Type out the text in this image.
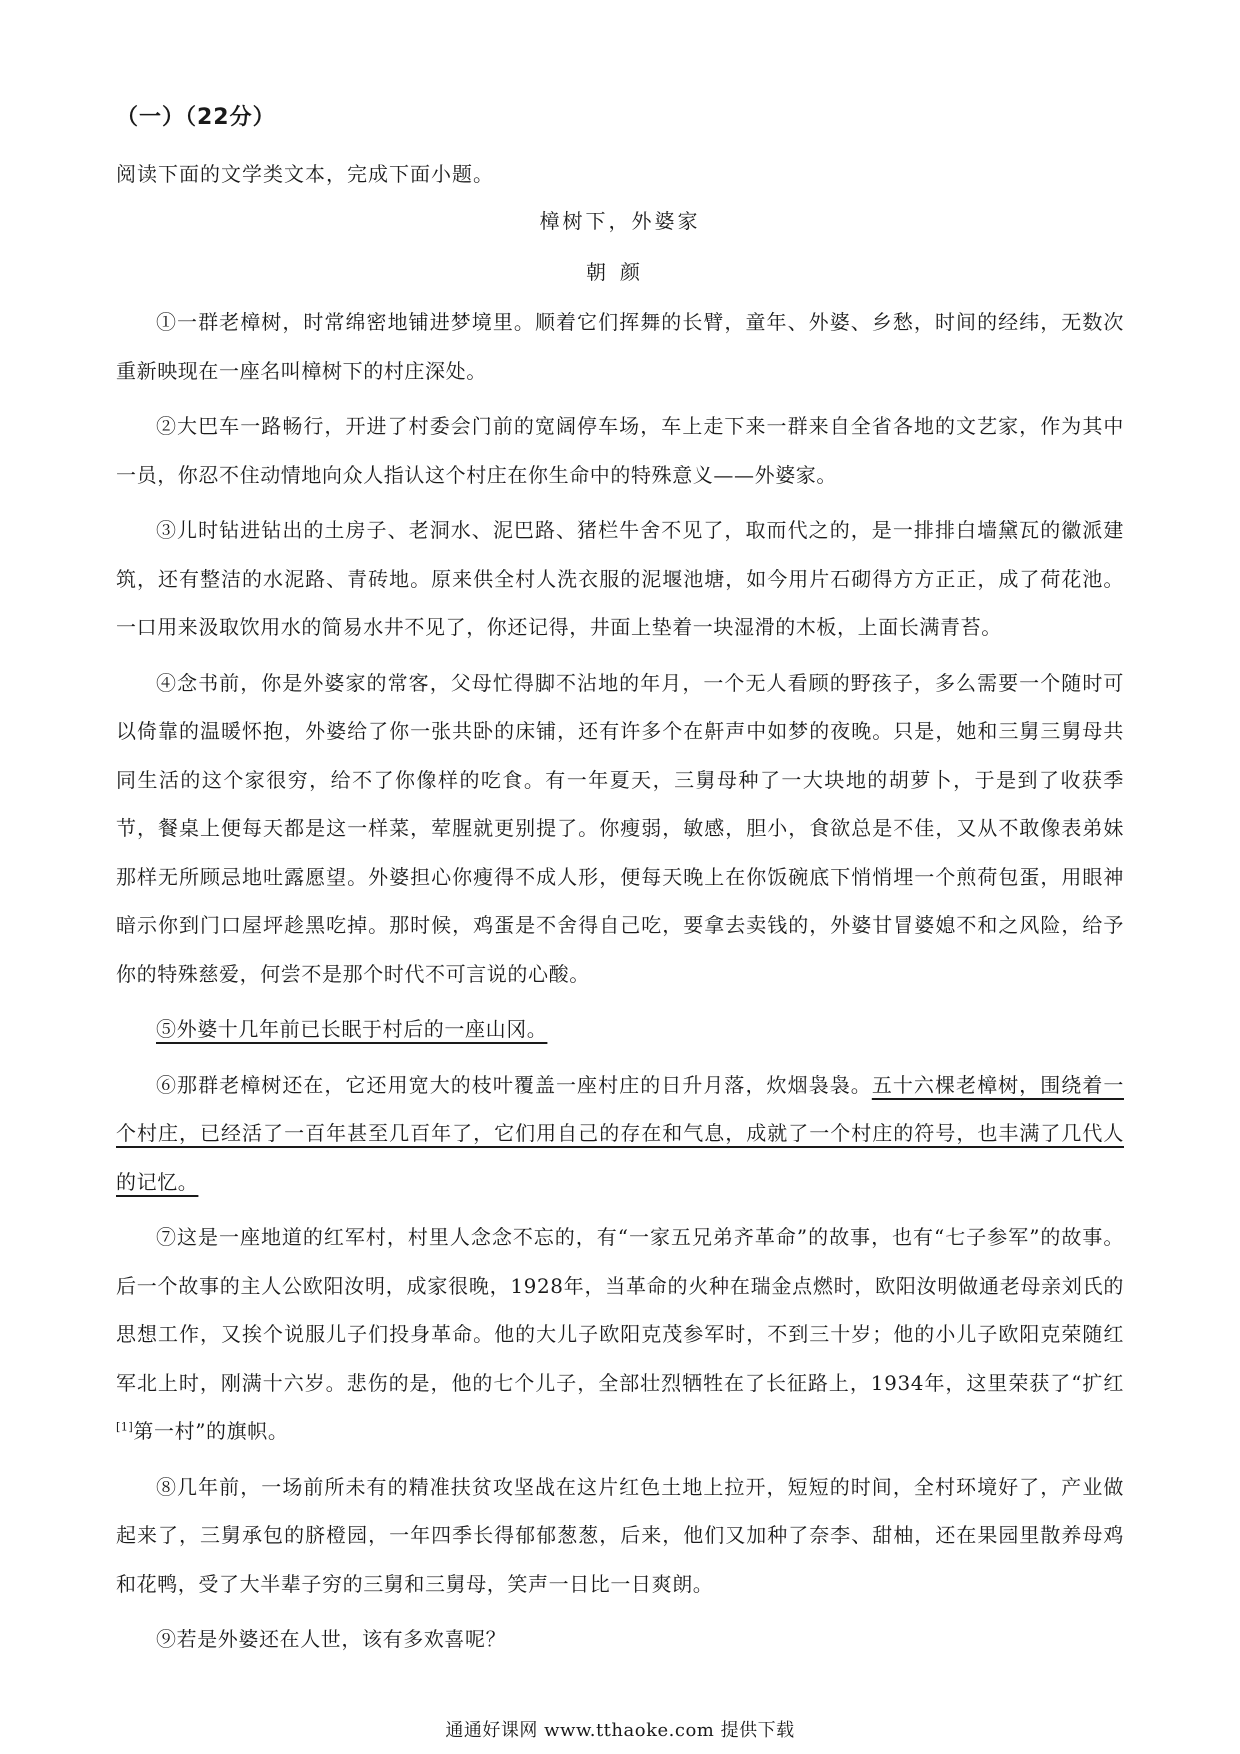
（一）（22分）
阅读下面的文学类文本，完成下面小题。
樟树下，外婆家
朝颜

①一群老樟树，时常绵密地铺进梦境里。顺着它们挥舞的长臂，童年、外婆、乡愁，时间的经纬，无数次重新映现在一座名叫樟树下的村庄深处。

②大巴车一路畅行，开进了村委会门前的宽阔停车场，车上走下来一群来自全省各地的文艺家，作为其中一员，你忍不住动情地向众人指认这个村庄在你生命中的特殊意义——外婆家。

③儿时钻进钻出的土房子、老洞水、泥巴路、猪栏牛舍不见了，取而代之的，是一排排白墙黛瓦的徽派建筑，还有整洁的水泥路、青砖地。原来供全村人洗衣服的泥堰池塘，如今用片石砌得方方正正，成了荷花池。一口用来汲取饮用水的简易水井不见了，你还记得，井面上垫着一块湿滑的木板，上面长满青苔。

④念书前，你是外婆家的常客，父母忙得脚不沾地的年月，一个无人看顾的野孩子，多么需要一个随时可以倚靠的温暖怀抱，外婆给了你一张共卧的床铺，还有许多个在鼾声中如梦的夜晚。只是，她和三舅三舅母共同生活的这个家很穷，给不了你像样的吃食。有一年夏天，三舅母种了一大块地的胡萝卜，于是到了收获季节，餐桌上便每天都是这一样菜，荤腥就更别提了。你瘦弱，敏感，胆小，食欲总是不佳，又从不敢像表弟妹那样无所顾忌地吐露愿望。外婆担心你瘦得不成人形，便每天晚上在你饭碗底下悄悄埋一个煎荷包蛋，用眼神暗示你到门口屋坪趁黑吃掉。那时候，鸡蛋是不舍得自己吃，要拿去卖钱的，外婆甘冒婆媳不和之风险，给予你的特殊慈爱，何尝不是那个时代不可言说的心酸。

⑤外婆十几年前已长眠于村后的一座山冈。

⑥那群老樟树还在，它还用宽大的枝叶覆盖一座村庄的日升月落，炊烟袅袅。五十六棵老樟树，围绕着一个村庄，已经活了一百年甚至几百年了，它们用自己的存在和气息，成就了一个村庄的符号，也丰满了几代人的记忆。

⑦这是一座地道的红军村，村里人念念不忘的，有“一家五兄弟齐革命”的故事，也有“七子参军”的故事。后一个故事的主人公欧阳汝明，成家很晚，1928年，当革命的火种在瑞金点燃时，欧阳汝明做通老母亲刘氏的思想工作，又挨个说服儿子们投身革命。他的大儿子欧阳克茂参军时，不到三十岁；他的小儿子欧阳克荣随红军北上时，刚满十六岁。悲伤的是，他的七个儿子，全部壮烈牺牲在了长征路上，1934年，这里荣获了“扩红[1]第一村”的旗帜。

⑧几年前，一场前所未有的精准扶贫攻坚战在这片红色土地上拉开，短短的时间，全村环境好了，产业做起来了，三舅承包的脐橙园，一年四季长得郁郁葱葱，后来，他们又加种了奈李、甜柚，还在果园里散养母鸡和花鸭，受了大半辈子穷的三舅和三舅母，笑声一日比一日爽朗。

⑨若是外婆还在人世，该有多欢喜呢？

通通好课网 www.tthaoke.com 提供下载
